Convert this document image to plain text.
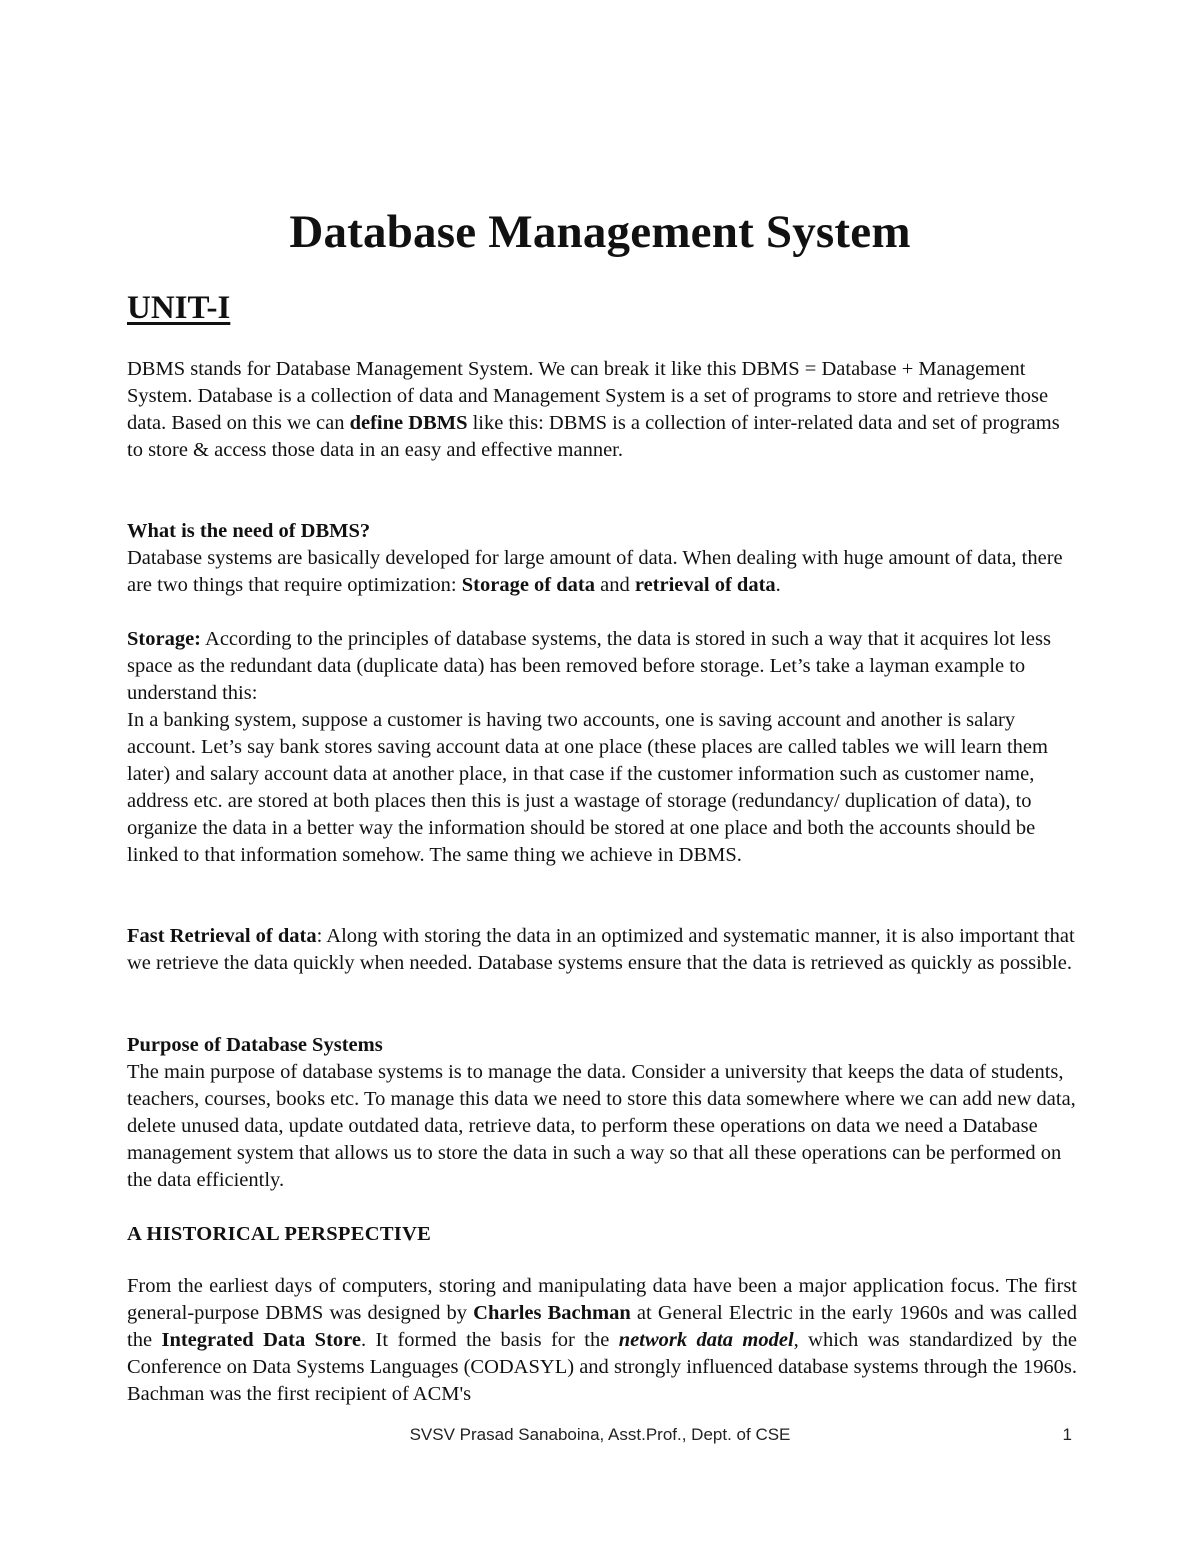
Database Management System
UNIT-I

DBMS stands for Database Management System. We can break it like this DBMS = Database + Management System. Database is a collection of data and Management System is a set of programs to store and retrieve those data. Based on this we can define DBMS like this: DBMS is a collection of inter-related data and set of programs to store & access those data in an easy and effective manner.

What is the need of DBMS?

Database systems are basically developed for large amount of data. When dealing with huge amount of data, there are two things that require optimization: Storage of data and retrieval of data.

Storage: According to the principles of database systems, the data is stored in such a way that it acquires lot less space as the redundant data (duplicate data) has been removed before storage. Let’s take a layman example to understand this:

In a banking system, suppose a customer is having two accounts, one is saving account and another is salary account. Let’s say bank stores saving account data at one place (these places are called tables we will learn them later) and salary account data at another place, in that case if the customer information such as customer name, address etc. are stored at both places then this is just a wastage of storage (redundancy/ duplication of data), to organize the data in a better way the information should be stored at one place and both the accounts should be linked to that information somehow. The same thing we achieve in DBMS.

Fast Retrieval of data: Along with storing the data in an optimized and systematic manner, it is also important that we retrieve the data quickly when needed. Database systems ensure that the data is retrieved as quickly as possible.

Purpose of Database Systems

The main purpose of database systems is to manage the data. Consider a university that keeps the data of students, teachers, courses, books etc. To manage this data we need to store this data somewhere where we can add new data, delete unused data, update outdated data, retrieve data, to perform these operations on data we need a Database management system that allows us to store the data in such a way so that all these operations can be performed on the data efficiently.

A HISTORICAL PERSPECTIVE

From the earliest days of computers, storing and manipulating data have been a major application focus. The first general-purpose DBMS was designed by Charles Bachman at General Electric in the early 1960s and was called the Integrated Data Store. It formed the basis for the network data model, which was standardized by the Conference on Data Systems Languages (CODASYL) and strongly influenced database systems through the 1960s. Bachman was the first recipient of ACM's

SVSV Prasad Sanaboina, Asst.Prof., Dept. of CSE	1
